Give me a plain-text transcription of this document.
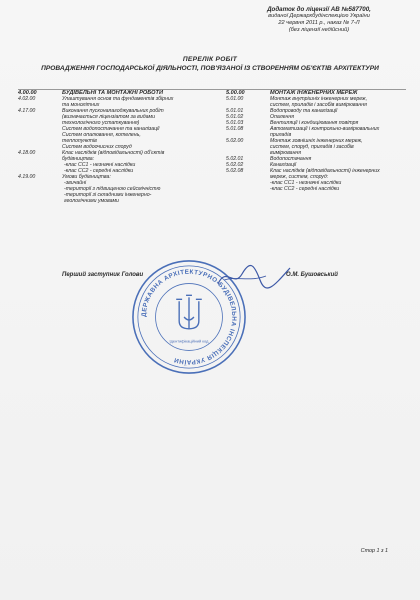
Додаток до ліцензії АВ №587700,
виданої Держархбудінспекцією України
22 червня 2011 р., наказ № 7-Л
(без ліцензії недійсний)
ПЕРЕЛІК РОБІТ
ПРОВАДЖЕННЯ ГОСПОДАРСЬКОЇ ДІЯЛЬНОСТІ, ПОВ'ЯЗАНОЇ ІЗ СТВОРЕННЯМ ОБ'ЄКТІВ АРХІТЕКТУРИ
4.00.00	БУДІВЕЛЬНІ ТА МОНТАЖНІ РОБОТИ
4.02.00	Улаштування основ та фундаментів збірних
та монолітних
4.17.00	Виконання пусконалагоджувальних робіт
(визначається ліцензіатом за видами
технологічного устаткування)
Систем водопостачання та каналізації
Систем опалювання, котелень,
теплопунктів
Систем водоочисних споруд
4.18.00	Клас наслідків (відповідальності) об'єктів
будівництва:
-клас СС1 - незначні наслідки
-клас СС2 - середні наслідки
4.19.00	Умови будівництва:
-звичайні
-території з підвищеною сейсмічністю
-території зі складними інженерно-
геологічними умовами
5.00.00	МОНТАЖ ІНЖЕНЕРНИХ МЕРЕЖ
5.01.00	Монтаж внутрішніх інженерних мереж,
систем, приладів і засобів вимірювання
5.01.01	Водопроводу та каналізації
5.01.02	Опалення
5.01.03	Вентиляції і кондиціювання повітря
5.01.08	Автоматизації і контрольно-вимірювальних
приладів
5.02.00	Монтаж зовнішніх інженерних мереж,
систем, споруд, приладів і засобів
вимірювання
5.02.01	Водопостачання
5.02.02	Каналізації
5.02.08	Клас наслідків (відповідальності) інженерних
мереж, систем, споруд:
-клас СС1 - незначні наслідки
-клас СС2 - середні наслідки
ДЕРЖАВНА АРХІТЕКТУРНО-БУДІВЕЛЬНА ІНСПЕКЦІЯ УКРАЇНИ
Ідентифікаційний код
Перший заступник Голови	О.М. Бушовський
Стор 1 з 1
